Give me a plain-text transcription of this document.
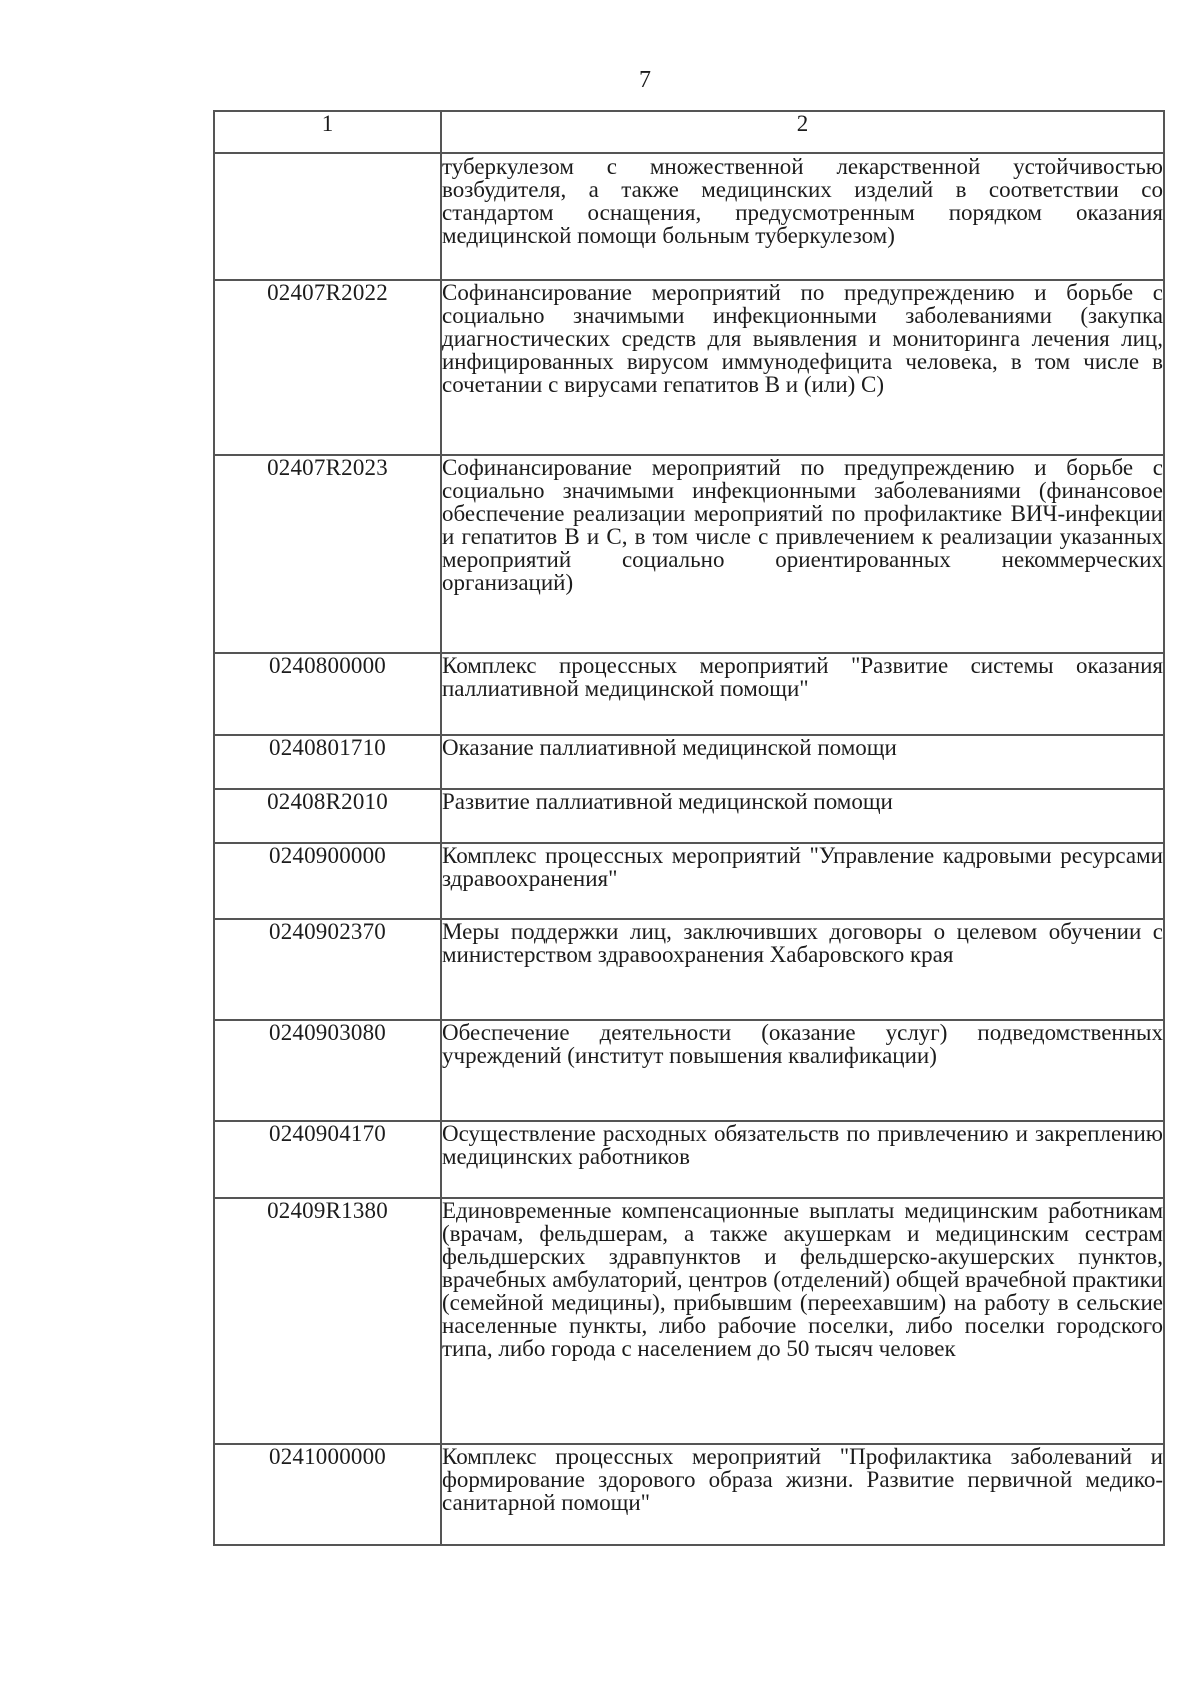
7
1	2

	туберкулезом с множественной лекарственной устойчивостью возбудителя, а также медицинских изделий в соответствии со стандартом оснащения, предусмотренным порядком оказания медицинской помощи больным туберкулезом)

02407R2022	Софинансирование мероприятий по предупреждению и борьбе с социально значимыми инфекционными заболеваниями (закупка диагностических средств для выявления и мониторинга лечения лиц, инфицированных вирусом иммунодефицита человека, в том числе в сочетании с вирусами гепатитов В и (или) С)

02407R2023	Софинансирование мероприятий по предупреждению и борьбе с социально значимыми инфекционными заболеваниями (финансовое обеспечение реализации мероприятий по профилактике ВИЧ-инфекции и гепатитов В и С, в том числе с привлечением к реализации указанных мероприятий социально ориентированных некоммерческих организаций)

0240800000	Комплекс процессных мероприятий "Развитие системы оказания паллиативной медицинской помощи"

0240801710	Оказание паллиативной медицинской помощи

02408R2010	Развитие паллиативной медицинской помощи

0240900000	Комплекс процессных мероприятий "Управление кадровыми ресурсами здравоохранения"

0240902370	Меры поддержки лиц, заключивших договоры о целевом обучении с министерством здравоохранения Хабаровского края

0240903080	Обеспечение деятельности (оказание услуг) подведомственных учреждений (институт повышения квалификации)

0240904170	Осуществление расходных обязательств по привлечению и закреплению медицинских работников

02409R1380	Единовременные компенсационные выплаты медицинским работникам (врачам, фельдшерам, а также акушеркам и медицинским сестрам фельдшерских здравпунктов и фельдшерско-акушерских пунктов, врачебных амбулаторий, центров (отделений) общей врачебной практики (семейной медицины), прибывшим (переехавшим) на работу в сельские населенные пункты, либо рабочие поселки, либо поселки городского типа, либо города с населением до 50 тысяч человек

0241000000	Комплекс процессных мероприятий "Профилактика заболеваний и формирование здорового образа жизни. Развитие первичной медико-санитарной помощи"
